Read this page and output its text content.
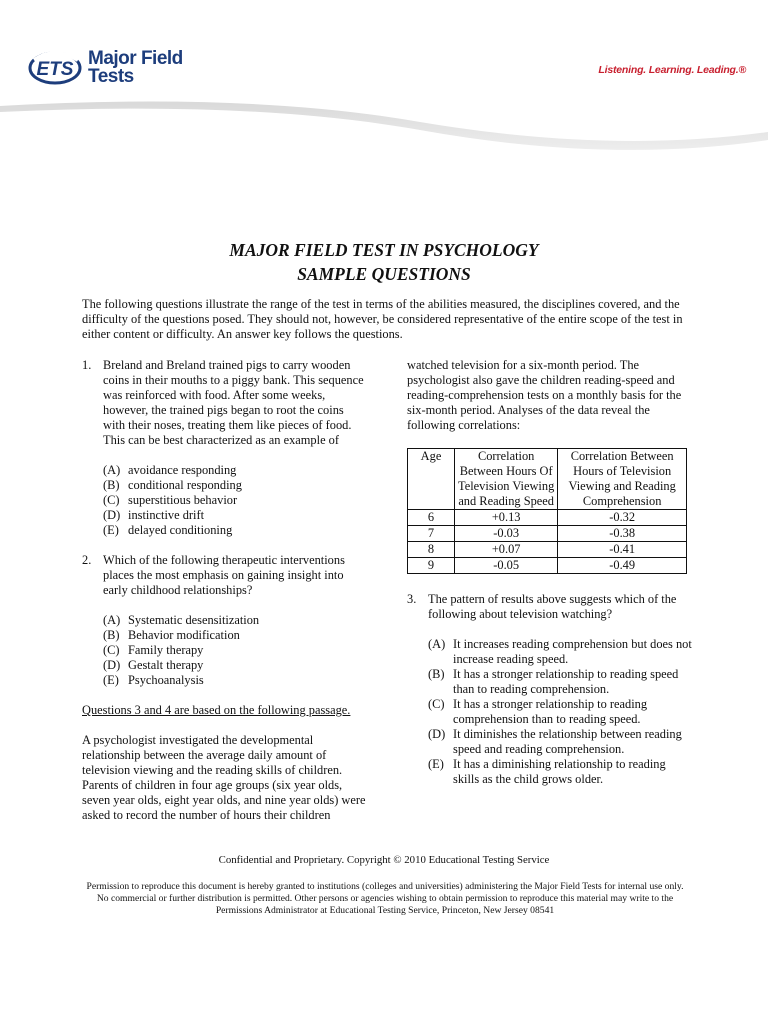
ETS
Major Field
Tests	Listening. Learning. Leading.®
MAJOR FIELD TEST IN PSYCHOLOGY
SAMPLE QUESTIONS
The following questions illustrate the range of the test in terms of the abilities measured, the disciplines covered, and the difficulty of the questions posed. They should not, however, be considered representative of the entire scope of the test in either content or difficulty. An answer key follows the questions.
1. Breland and Breland trained pigs to carry wooden coins in their mouths to a piggy bank. This sequence was reinforced with food. After some weeks, however, the trained pigs began to root the coins with their noses, treating them like pieces of food. This can be best characterized as an example of
(A) avoidance responding
(B) conditional responding
(C) superstitious behavior
(D) instinctive drift
(E) delayed conditioning
2. Which of the following therapeutic interventions places the most emphasis on gaining insight into early childhood relationships?
(A) Systematic desensitization
(B) Behavior modification
(C) Family therapy
(D) Gestalt therapy
(E) Psychoanalysis
Questions 3 and 4 are based on the following passage.
A psychologist investigated the developmental relationship between the average daily amount of television viewing and the reading skills of children. Parents of children in four age groups (six year olds, seven year olds, eight year olds, and nine year olds) were asked to record the number of hours their children
watched television for a six-month period. The psychologist also gave the children reading-speed and reading-comprehension tests on a monthly basis for the six-month period. Analyses of the data reveal the following correlations:
Age	Correlation Between Hours Of Television Viewing and Reading Speed	Correlation Between Hours of Television Viewing and Reading Comprehension
6	+0.13	-0.32
7	-0.03	-0.38
8	+0.07	-0.41
9	-0.05	-0.49
3. The pattern of results above suggests which of the following about television watching?
(A) It increases reading comprehension but does not increase reading speed.
(B) It has a stronger relationship to reading speed than to reading comprehension.
(C) It has a stronger relationship to reading comprehension than to reading speed.
(D) It diminishes the relationship between reading speed and reading comprehension.
(E) It has a diminishing relationship to reading skills as the child grows older.
Confidential and Proprietary. Copyright © 2010 Educational Testing Service
Permission to reproduce this document is hereby granted to institutions (colleges and universities) administering the Major Field Tests for internal use only. No commercial or further distribution is permitted. Other persons or agencies wishing to obtain permission to reproduce this material may write to the Permissions Administrator at Educational Testing Service, Princeton, New Jersey 08541
